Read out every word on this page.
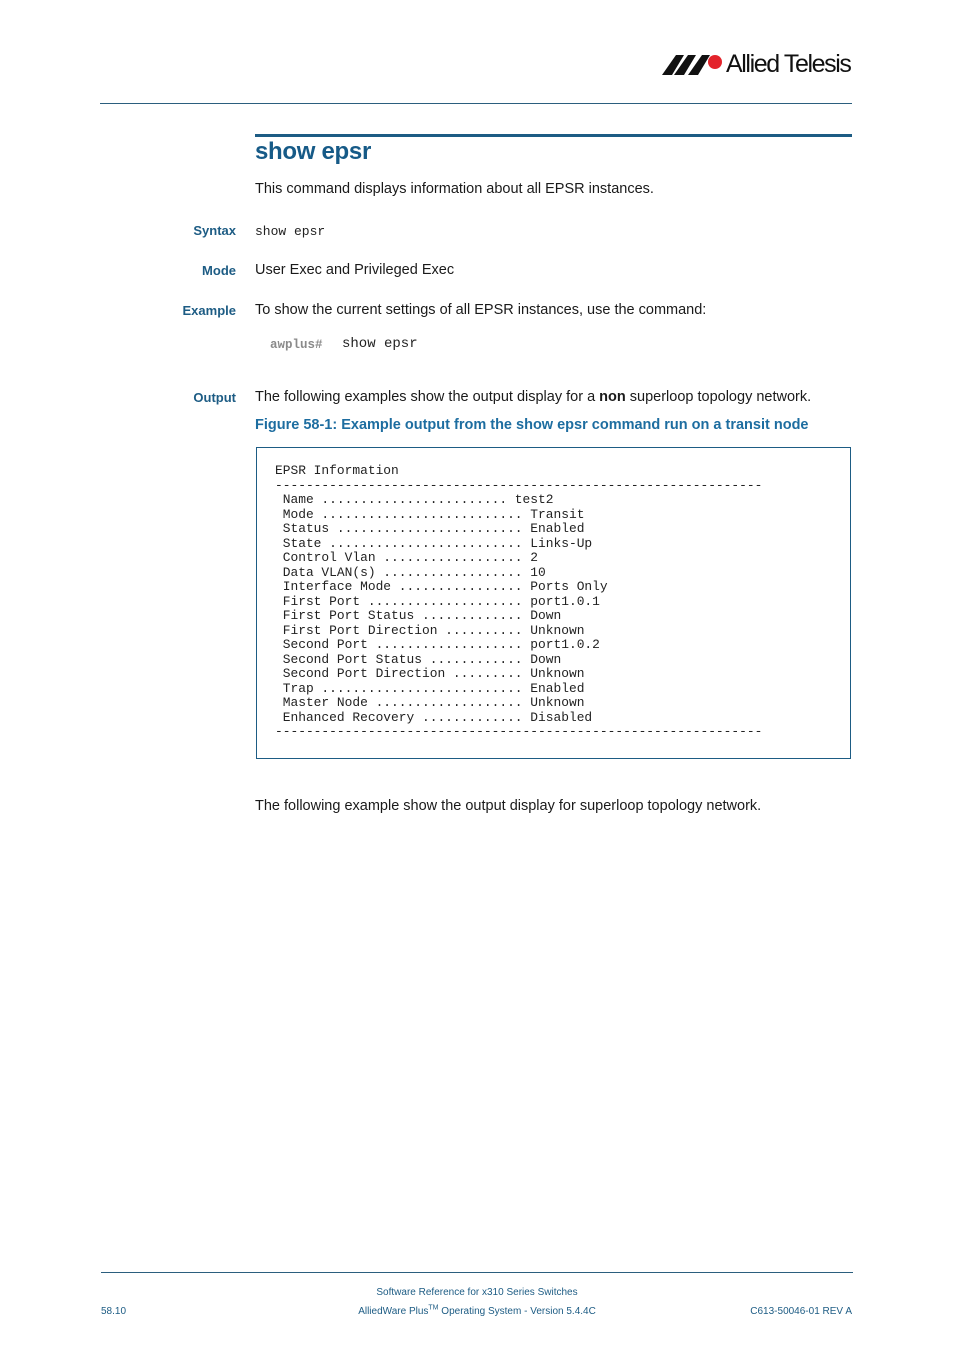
Allied Telesis
show epsr
This command displays information about all EPSR instances.
Syntax show epsr
Mode User Exec and Privileged Exec
Example To show the current settings of all EPSR instances, use the command:
awplus# show epsr
Output The following examples show the output display for a non superloop topology network.
Figure 58-1: Example output from the show epsr command run on a transit node
EPSR Information
---------------------------------------------------------------
Name ........................ test2
Mode .......................... Transit
Status ........................ Enabled
State ......................... Links-Up
Control Vlan .................. 2
Data VLAN(s) .................. 10
Interface Mode ................ Ports Only
First Port .................... port1.0.1
First Port Status ............. Down
First Port Direction .......... Unknown
Second Port ................... port1.0.2
Second Port Status ............ Down
Second Port Direction ......... Unknown
Trap .......................... Enabled
Master Node ................... Unknown
Enhanced Recovery ............. Disabled
---------------------------------------------------------------
The following example show the output display for superloop topology network.
Software Reference for x310 Series Switches
58.10	AlliedWare Plus™ Operating System - Version 5.4.4C	C613-50046-01 REV A
